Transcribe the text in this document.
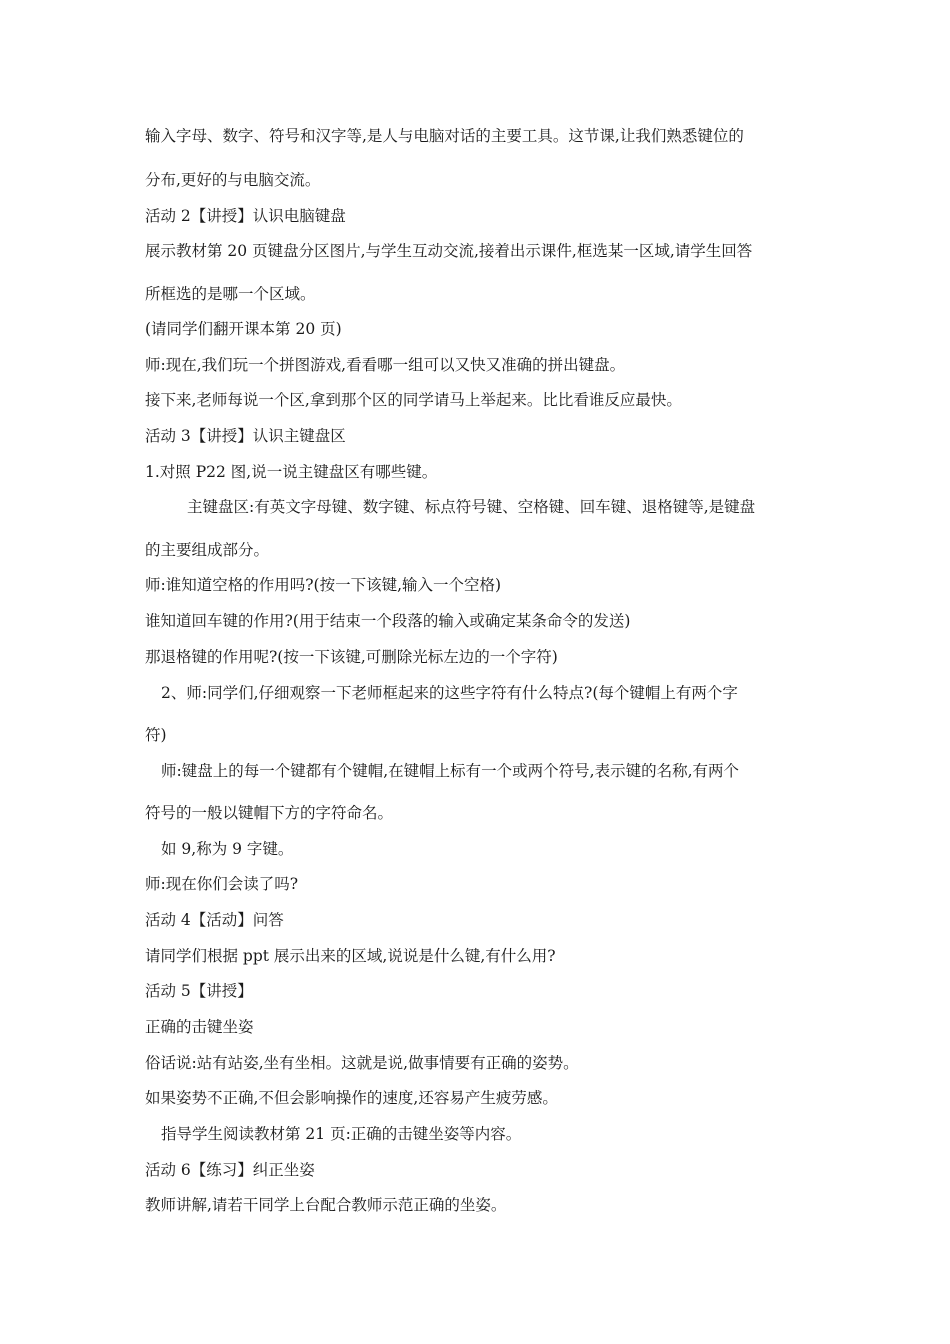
输入字母、数字、符号和汉字等,是人与电脑对话的主要工具。这节课,让我们熟悉键位的
分布,更好的与电脑交流。
活动 2【讲授】认识电脑键盘
展示教材第 20 页键盘分区图片,与学生互动交流,接着出示课件,框选某一区域,请学生回答
所框选的是哪一个区域。
(请同学们翻开课本第 20 页)
师:现在,我们玩一个拼图游戏,看看哪一组可以又快又准确的拼出键盘。
接下来,老师每说一个区,拿到那个区的同学请马上举起来。比比看谁反应最快。
活动 3【讲授】认识主键盘区
1.对照 P22 图,说一说主键盘区有哪些键。
主键盘区:有英文字母键、数字键、标点符号键、空格键、回车键、退格键等,是键盘
的主要组成部分。
师:谁知道空格的作用吗?(按一下该键,输入一个空格)
谁知道回车键的作用?(用于结束一个段落的输入或确定某条命令的发送)
那退格键的作用呢?(按一下该键,可删除光标左边的一个字符)
2、师:同学们,仔细观察一下老师框起来的这些字符有什么特点?(每个键帽上有两个字
符)
师:键盘上的每一个键都有个键帽,在键帽上标有一个或两个符号,表示键的名称,有两个
符号的一般以键帽下方的字符命名。
如 9,称为 9 字键。
师:现在你们会读了吗?
活动 4【活动】问答
请同学们根据 ppt 展示出来的区域,说说是什么键,有什么用?
活动 5【讲授】
正确的击键坐姿
俗话说:站有站姿,坐有坐相。这就是说,做事情要有正确的姿势。
如果姿势不正确,不但会影响操作的速度,还容易产生疲劳感。
指导学生阅读教材第 21 页:正确的击键坐姿等内容。
活动 6【练习】纠正坐姿
教师讲解,请若干同学上台配合教师示范正确的坐姿。
